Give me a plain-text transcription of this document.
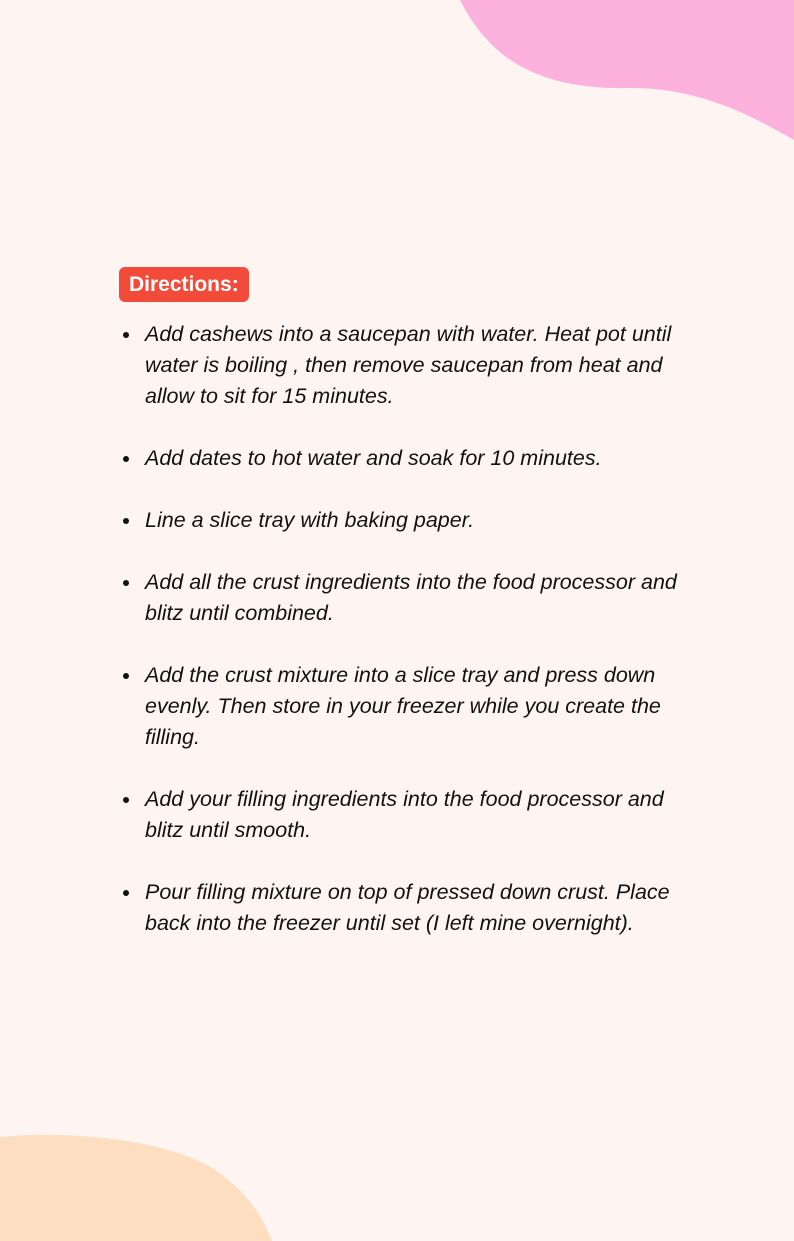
Directions:
Add cashews into a saucepan with water. Heat pot until water is boiling , then remove saucepan from heat and allow to sit for 15 minutes.
Add dates to hot water and soak for 10 minutes.
Line a slice tray with baking paper.
Add all the crust ingredients into the food processor and blitz until combined.
Add the crust mixture into a slice tray and press down evenly. Then store in your freezer while you create the filling.
Add your filling ingredients into the food processor and blitz until smooth.
Pour filling mixture on top of pressed down crust. Place back into the freezer until set (I left mine overnight).
